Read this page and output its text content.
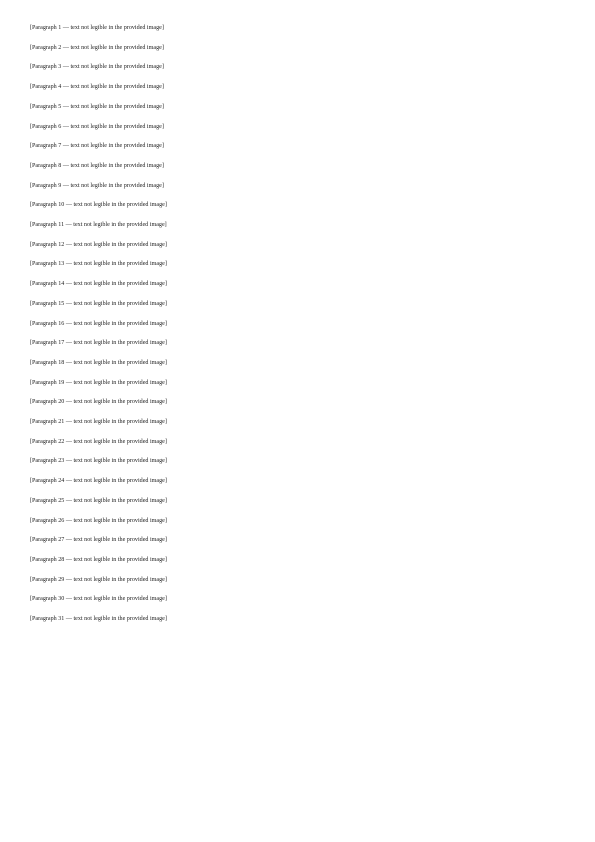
[Paragraph 1 — text not legible in the provided image]

[Paragraph 2 — text not legible in the provided image]

[Paragraph 3 — text not legible in the provided image]

[Paragraph 4 — text not legible in the provided image]

[Paragraph 5 — text not legible in the provided image]

[Paragraph 6 — text not legible in the provided image]

[Paragraph 7 — text not legible in the provided image]

[Paragraph 8 — text not legible in the provided image]

[Paragraph 9 — text not legible in the provided image]

[Paragraph 10 — text not legible in the provided image]

[Paragraph 11 — text not legible in the provided image]

[Paragraph 12 — text not legible in the provided image]

[Paragraph 13 — text not legible in the provided image]

[Paragraph 14 — text not legible in the provided image]

[Paragraph 15 — text not legible in the provided image]

[Paragraph 16 — text not legible in the provided image]

[Paragraph 17 — text not legible in the provided image]

[Paragraph 18 — text not legible in the provided image]

[Paragraph 19 — text not legible in the provided image]

[Paragraph 20 — text not legible in the provided image]

[Paragraph 21 — text not legible in the provided image]

[Paragraph 22 — text not legible in the provided image]

[Paragraph 23 — text not legible in the provided image]

[Paragraph 24 — text not legible in the provided image]

[Paragraph 25 — text not legible in the provided image]

[Paragraph 26 — text not legible in the provided image]

[Paragraph 27 — text not legible in the provided image]

[Paragraph 28 — text not legible in the provided image]

[Paragraph 29 — text not legible in the provided image]

[Paragraph 30 — text not legible in the provided image]

[Paragraph 31 — text not legible in the provided image]
